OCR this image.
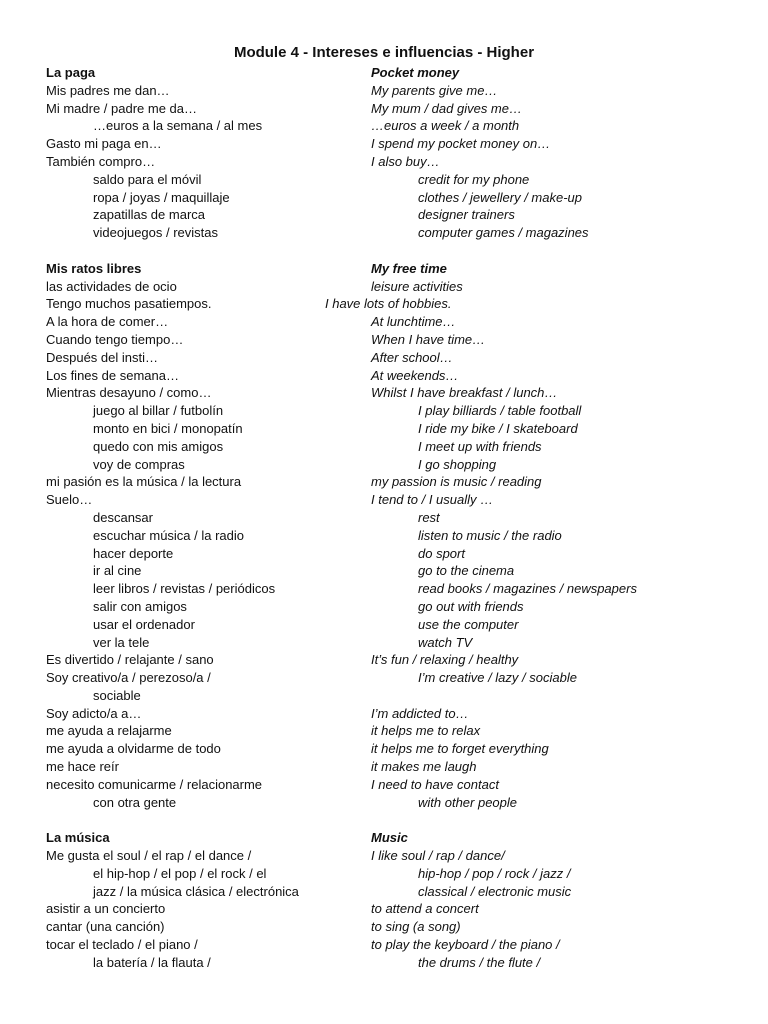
Module 4 - Intereses e influencias - Higher
La paga	Pocket money
Mis padres me dan…	My parents give me…
Mi madre / padre me da…	My mum / dad gives me…
…euros a la semana / al mes	…euros a week / a month
Gasto mi paga en…	I spend my pocket money on…
También compro…	I also buy…
saldo para el móvil	credit for my phone
ropa / joyas / maquillaje	clothes / jewellery / make-up
zapatillas de marca	designer trainers
videojuegos / revistas	computer games / magazines
Mis ratos libres	My free time
las actividades de ocio	leisure activities
Tengo muchos pasatiempos.	I have lots of hobbies.
A la hora de comer…	At lunchtime…
Cuando tengo tiempo…	When I have time…
Después del insti…	After school…
Los fines de semana…	At weekends…
Mientras desayuno / como…	Whilst I have breakfast / lunch…
juego al billar / futbolín	I play billiards / table football
monto en bici / monopatín	I ride my bike / I skateboard
quedo con mis amigos	I meet up with friends
voy de compras	I go shopping
mi pasión es la música / la lectura	my passion is music / reading
Suelo…	I tend to / I usually …
descansar	rest
escuchar música / la radio	listen to music / the radio
hacer deporte	do sport
ir al cine	go to the cinema
leer libros / revistas / periódicos	read books / magazines / newspapers
salir con amigos	go out with friends
usar el ordenador	use the computer
ver la tele	watch TV
Es divertido / relajante / sano	It’s fun / relaxing / healthy
Soy creativo/a / perezoso/a /	I’m creative / lazy / sociable
sociable
Soy adicto/a a…	I’m addicted to…
me ayuda a relajarme	it helps me to relax
me ayuda a olvidarme de todo	it helps me to forget everything
me hace reír	it makes me laugh
necesito comunicarme / relacionarme	I need to have contact
con otra gente	with other people
La música	Music
Me gusta el soul / el rap / el dance /	I like soul / rap / dance/
el hip-hop / el pop / el rock / el	hip-hop / pop / rock / jazz /
jazz / la música clásica / electrónica	classical / electronic music
asistir a un concierto	to attend a concert
cantar (una canción)	to sing (a song)
tocar el teclado / el piano /	to play the keyboard / the piano /
la batería / la flauta /	the drums / the flute /
